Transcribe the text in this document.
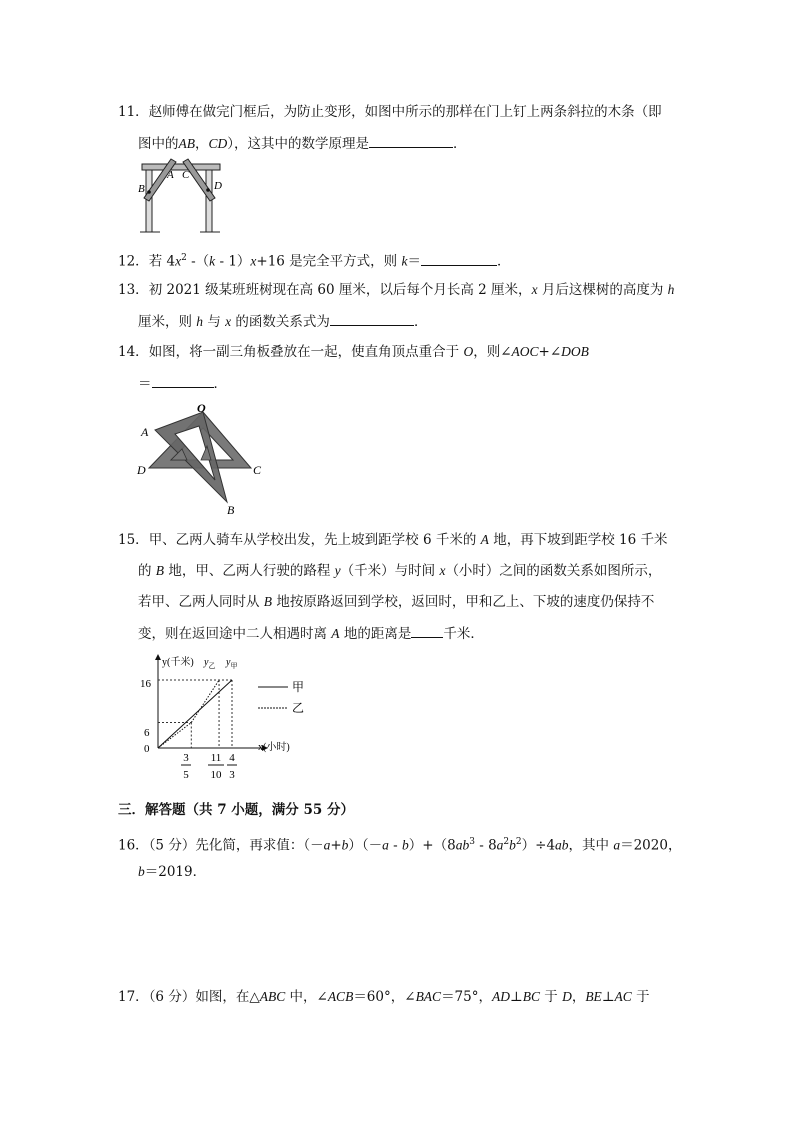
11．赵师傅在做完门框后，为防止变形，如图中所示的那样在门上钉上两条斜拉的木条（即
图中的AB，CD），这其中的数学原理是	．
B
A C
D
12．若 $4x^2$ -（k - 1）x+16 是完全平方式，则 k＝	．
13．初 2021 级某班班树现在高 60 厘米，以后每个月长高 2 厘米，x 月后这棵树的高度为 h
厘米，则 h 与 x 的函数关系式为	．
14．如图，将一副三角板叠放在一起，使直角顶点重合于 O，则∠AOC+∠DOB
＝	．
O
A
D	C
B
15．甲、乙两人骑车从学校出发，先上坡到距学校 6 千米的 A 地，再下坡到距学校 16 千米
的 B 地，甲、乙两人行驶的路程 y（千米）与时间 x（小时）之间的函数关系如图所示，
若甲、乙两人同时从 B 地按原路返回到学校，返回时，甲和乙上、下坡的速度仍保持不
变，则在返回途中二人相遇时离 A 地的距离是 千米．
y(千米)
x(小时)
$y_乙$ $y_甲$
16
6
0
甲
乙
3
5
11
10
4
3
三．解答题（共 7 小题，满分 55 分）
16．（5 分）先化简，再求值：$(-a+b)(-a - b)+(8ab^3 - 8a^2b^2)\div 4ab$，其中 a＝2020，
b＝2019．
17．（6 分）如图，在△ABC 中，∠ACB＝60°，∠BAC＝75°，AD⊥BC 于 D，BE⊥AC 于
